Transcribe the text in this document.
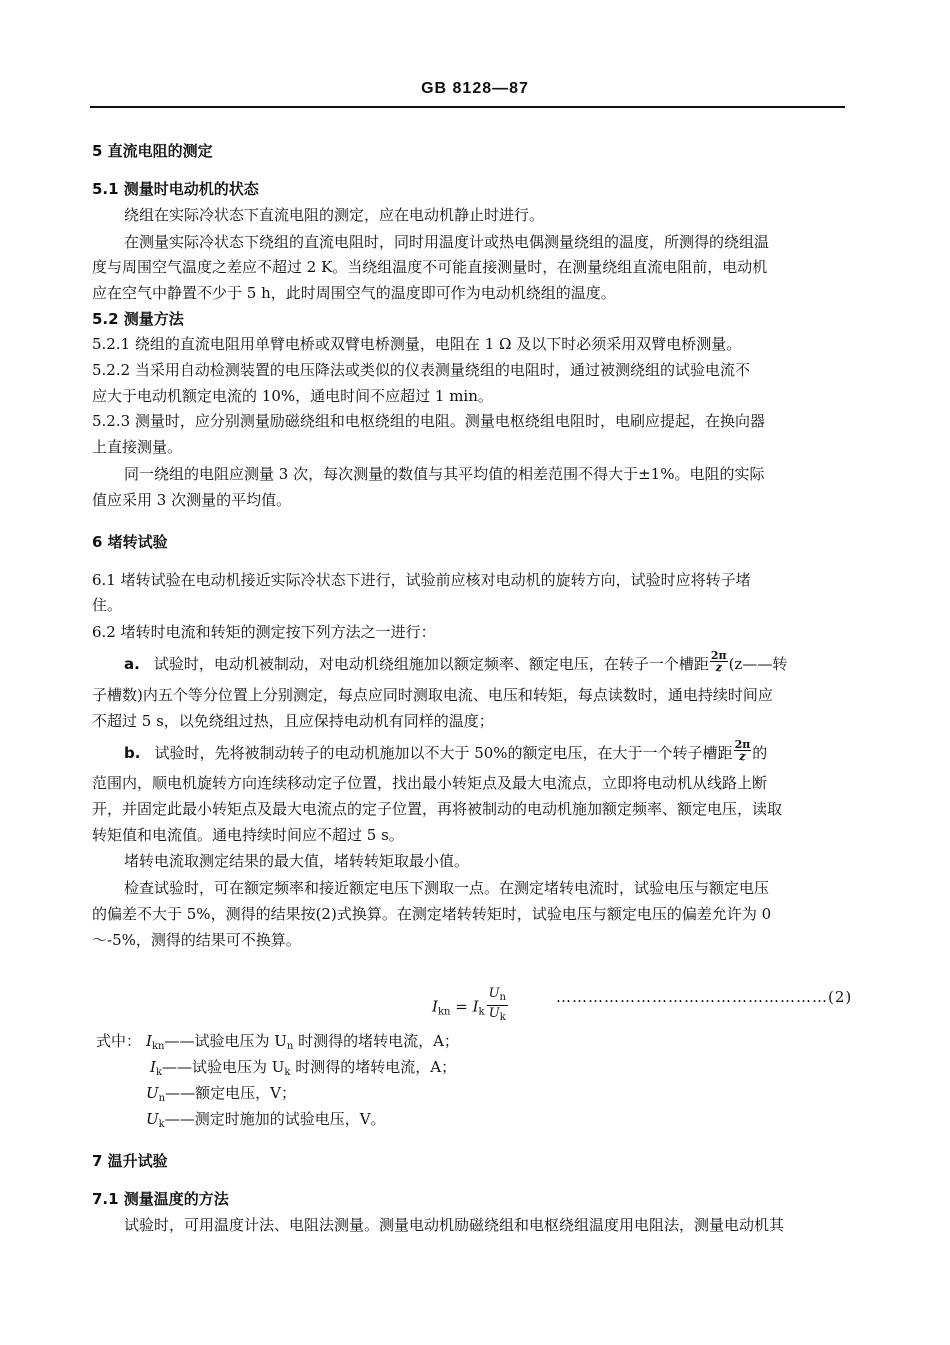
GB 8128—87
5 直流电阻的测定
5.1 测量时电动机的状态
绕组在实际冷状态下直流电阻的测定，应在电动机静止时进行。
在测量实际冷状态下绕组的直流电阻时，同时用温度计或热电偶测量绕组的温度，所测得的绕组温
度与周围空气温度之差应不超过 2 K。当绕组温度不可能直接测量时，在测量绕组直流电阻前，电动机
应在空气中静置不少于 5 h，此时周围空气的温度即可作为电动机绕组的温度。
5.2 测量方法
5.2.1 绕组的直流电阻用单臂电桥或双臂电桥测量，电阻在 1 Ω 及以下时必须采用双臂电桥测量。
5.2.2 当采用自动检测装置的电压降法或类似的仪表测量绕组的电阻时，通过被测绕组的试验电流不
应大于电动机额定电流的 10%，通电时间不应超过 1 min。
5.2.3 测量时，应分别测量励磁绕组和电枢绕组的电阻。测量电枢绕组电阻时，电刷应提起，在换向器
上直接测量。
同一绕组的电阻应测量 3 次，每次测量的数值与其平均值的相差范围不得大于±1%。电阻的实际
值应采用 3 次测量的平均值。
6 堵转试验
6.1 堵转试验在电动机接近实际冷状态下进行，试验前应核对电动机的旋转方向，试验时应将转子堵
住。
6.2 堵转时电流和转矩的测定按下列方法之一进行：
a. 试验时，电动机被制动，对电动机绕组施加以额定频率、额定电压，在转子一个槽距 $\frac{2\pi}{z}$ (z——转
子槽数)内五个等分位置上分别测定，每点应同时测取电流、电压和转矩，每点读数时，通电持续时间应
不超过 5 s，以免绕组过热，且应保持电动机有同样的温度；
b. 试验时，先将被制动转子的电动机施加以不大于 50%的额定电压，在大于一个转子槽距 $\frac{2\pi}{z}$ 的
范围内，顺电机旋转方向连续移动定子位置，找出最小转矩点及最大电流点，立即将电动机从线路上断
开，并固定此最小转矩点及最大电流点的定子位置，再将被制动的电动机施加额定频率、额定电压，读取
转矩值和电流值。通电持续时间应不超过 5 s。
堵转电流取测定结果的最大值，堵转转矩取最小值。
检查试验时，可在额定频率和接近额定电压下测取一点。在测定堵转电流时，试验电压与额定电压
的偏差不大于 5%，测得的结果按(2)式换算。在测定堵转转矩时，试验电压与额定电压的偏差允许为 0
～-5%，测得的结果可不换算。
$I_{kn} = I_k \frac{U_n}{U_k}$	……………………………………………(2)
式中： $I_{kn}——$试验电压为 $U_n$ 时测得的堵转电流，A；
$I_k——$试验电压为 $U_k$ 时测得的堵转电流，A；
$U_n——$额定电压，V；
$U_k——$测定时施加的试验电压，V。
7 温升试验
7.1 测量温度的方法
试验时，可用温度计法、电阻法测量。测量电动机励磁绕组和电枢绕组温度用电阻法，测量电动机其
